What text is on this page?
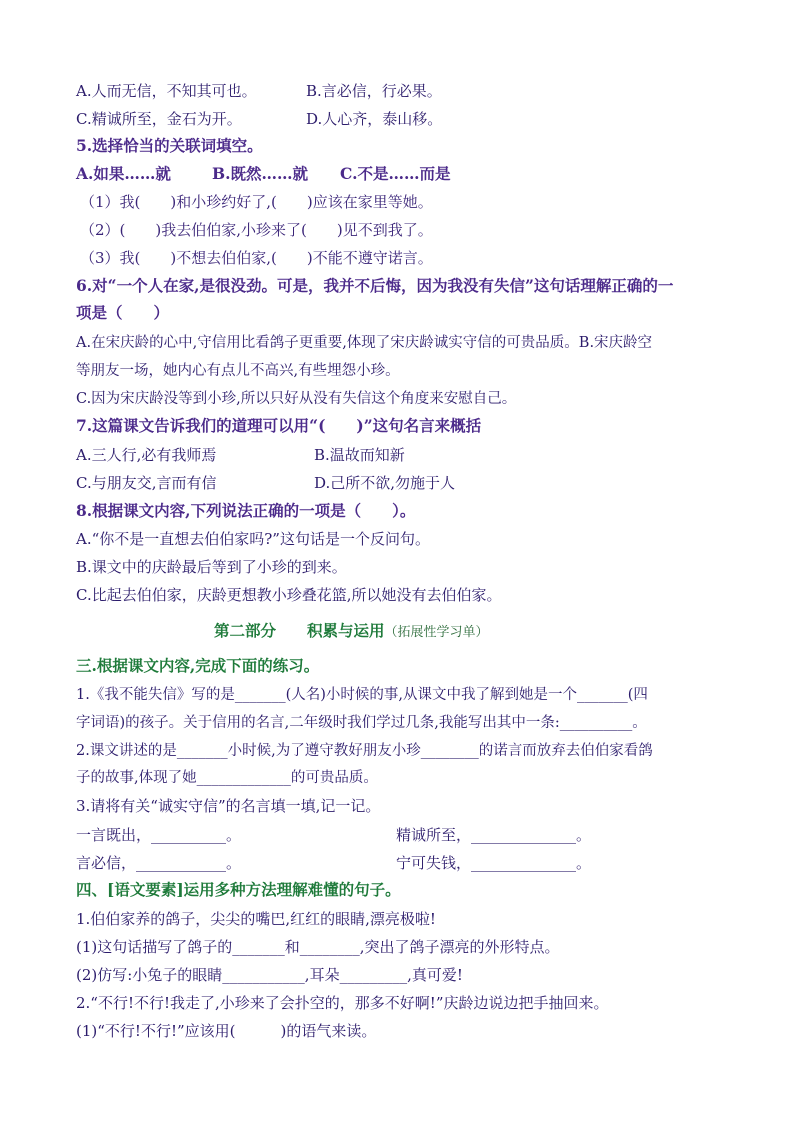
A.人而无信，不知其可也。	B.言必信，行必果。
C.精诚所至，金石为开。	D.人心齐，泰山移。
5.选择恰当的关联词填空。
A.如果……就	B.既然……就 C.不是……而是
（1）我(　　)和小珍约好了,(　　)应该在家里等她。
（2）(　　)我去伯伯家,小珍来了(　　)见不到我了。
（3）我(　　)不想去伯伯家,(　　)不能不遵守诺言。
6.对“一个人在家,是很没劲。可是，我并不后悔，因为我没有失信”这句话理解正确的一
项是（　　）
A.在宋庆龄的心中,守信用比看鸽子更重要,体现了宋庆龄诚实守信的可贵品质。B.宋庆龄空
等朋友一场，她内心有点儿不高兴,有些埋怨小珍。
C.因为宋庆龄没等到小珍,所以只好从没有失信这个角度来安慰自己。
7.这篇课文告诉我们的道理可以用“(　　)”这句名言来概括
A.三人行,必有我师焉	B.温故而知新
C.与朋友交,言而有信	D.己所不欲,勿施于人
8.根据课文内容,下列说法正确的一项是（　　）。
A.“你不是一直想去伯伯家吗?”这句话是一个反问句。
B.课文中的庆龄最后等到了小珍的到来。
C.比起去伯伯家，庆龄更想教小珍叠花篮,所以她没有去伯伯家。
第二部分　　积累与运用（拓展性学习单）
三.根据课文内容,完成下面的练习。
1.《我不能失信》写的是_______(人名)小时候的事,从课文中我了解到她是一个_______(四
字词语)的孩子。关于信用的名言,二年级时我们学过几条,我能写出其中一条:__________。
2.课文讲述的是_______小时候,为了遵守教好朋友小珍________的诺言而放弃去伯伯家看鸽
子的故事,体现了她_____________的可贵品质。
3.请将有关“诚实守信”的名言填一填,记一记。
一言既出，__________。	精诚所至，______________。
言必信，____________。	宁可失钱，______________。
四、[语文要素]运用多种方法理解难懂的句子。
1.伯伯家养的鸽子，尖尖的嘴巴,红红的眼睛,漂亮极啦!
(1)这句话描写了鸽子的_______和________,突出了鸽子漂亮的外形特点。
(2)仿写:小兔子的眼睛___________,耳朵_________,真可爱!
2.“不行!不行!我走了,小珍来了会扑空的，那多不好啊!”庆龄边说边把手抽回来。
(1)“不行!不行!”应该用(　　　)的语气来读。
